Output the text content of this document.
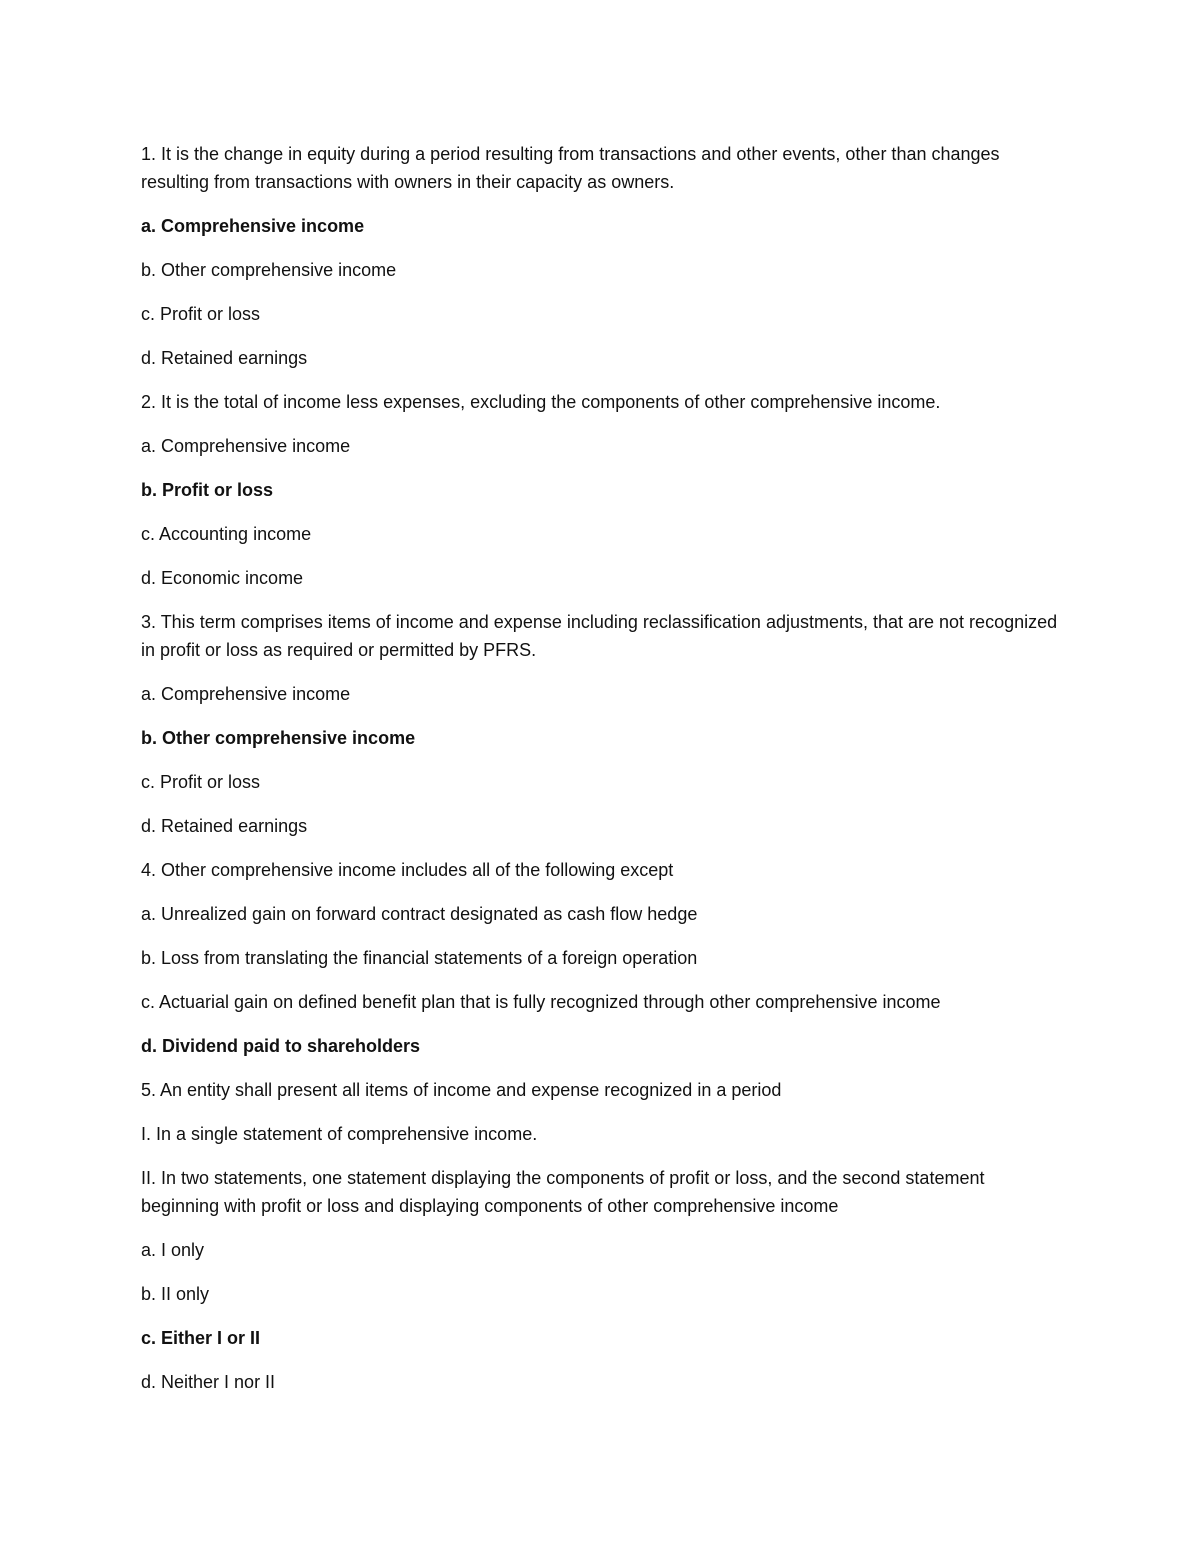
1. It is the change in equity during a period resulting from transactions and other events, other than changes resulting from transactions with owners in their capacity as owners.

a. Comprehensive income

b. Other comprehensive income

c. Profit or loss

d. Retained earnings

2. It is the total of income less expenses, excluding the components of other comprehensive income.

a. Comprehensive income

b. Profit or loss

c. Accounting income

d. Economic income

3. This term comprises items of income and expense including reclassification adjustments, that are not recognized in profit or loss as required or permitted by PFRS.

a. Comprehensive income

b. Other comprehensive income

c. Profit or loss

d. Retained earnings

4. Other comprehensive income includes all of the following except

a. Unrealized gain on forward contract designated as cash flow hedge

b. Loss from translating the financial statements of a foreign operation

c. Actuarial gain on defined benefit plan that is fully recognized through other comprehensive income

d. Dividend paid to shareholders

5. An entity shall present all items of income and expense recognized in a period

I. In a single statement of comprehensive income.

II. In two statements, one statement displaying the components of profit or loss, and the second statement beginning with profit or loss and displaying components of other comprehensive income

a. I only

b. II only

c. Either I or II

d. Neither I nor II
